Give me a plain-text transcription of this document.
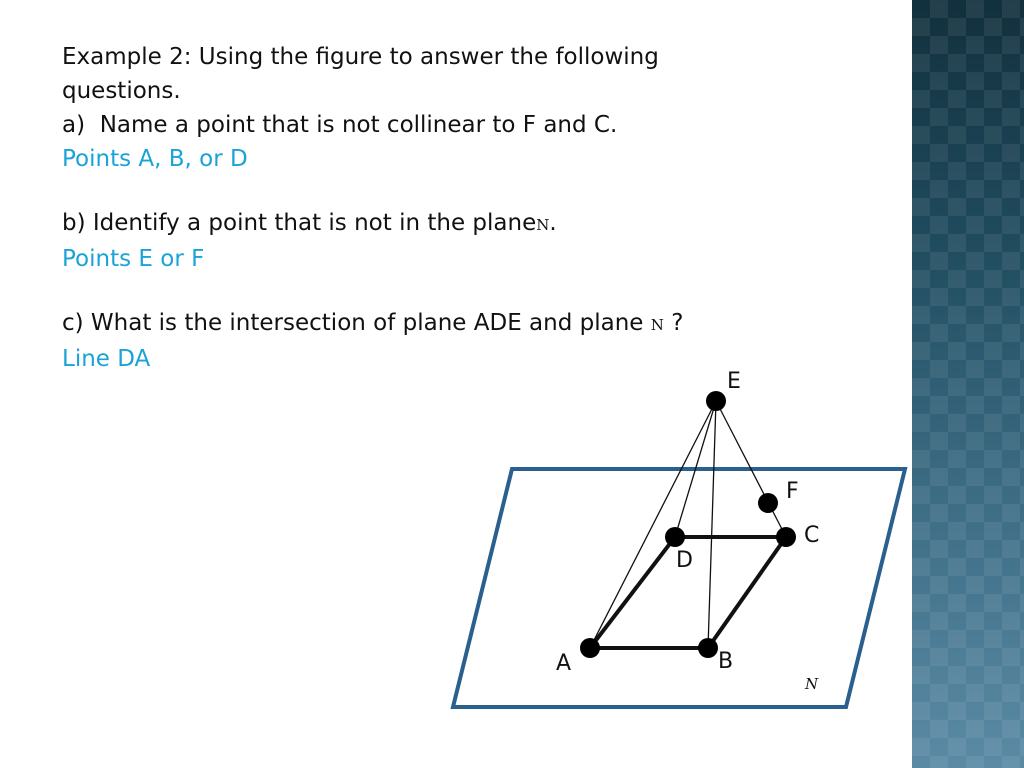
Example 2: Using the figure to answer the following

questions.

a) Name a point that is not collinear to F and C.

Points A, B, or D

b) Identify a point that is not in the planeN.

Points E or F

c) What is the intersection of plane ADE and plane N ?

Line DA

E
F
C
D
A	B
N
